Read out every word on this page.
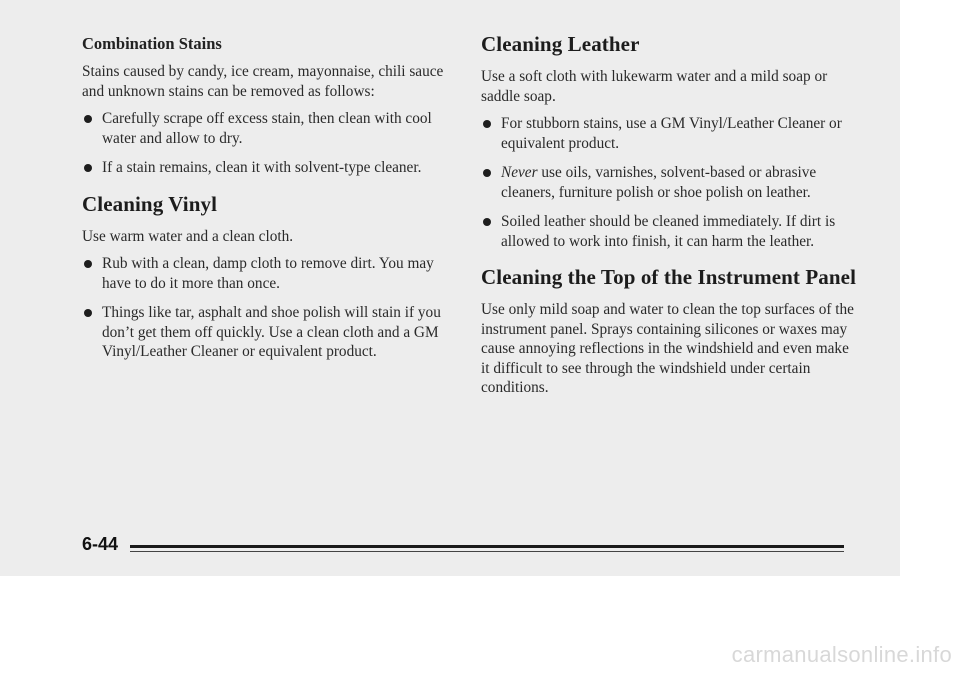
Combination Stains

Stains caused by candy, ice cream, mayonnaise, chili sauce and unknown stains can be removed as follows:

Carefully scrape off excess stain, then clean with cool water and allow to dry.
If a stain remains, clean it with solvent-type cleaner.
Cleaning Vinyl

Use warm water and a clean cloth.

Rub with a clean, damp cloth to remove dirt. You may have to do it more than once.
Things like tar, asphalt and shoe polish will stain if you don’t get them off quickly. Use a clean cloth and a GM Vinyl/Leather Cleaner or equivalent product.
Cleaning Leather

Use a soft cloth with lukewarm water and a mild soap or saddle soap.

For stubborn stains, use a GM Vinyl/Leather Cleaner or equivalent product.
Never use oils, varnishes, solvent-based or abrasive cleaners, furniture polish or shoe polish on leather.
Soiled leather should be cleaned immediately. If dirt is allowed to work into finish, it can harm the leather.
Cleaning the Top of the Instrument Panel

Use only mild soap and water to clean the top surfaces of the instrument panel. Sprays containing silicones or waxes may cause annoying reflections in the windshield and even make it difficult to see through the windshield under certain conditions.

6-44
carmanualsonline.info
